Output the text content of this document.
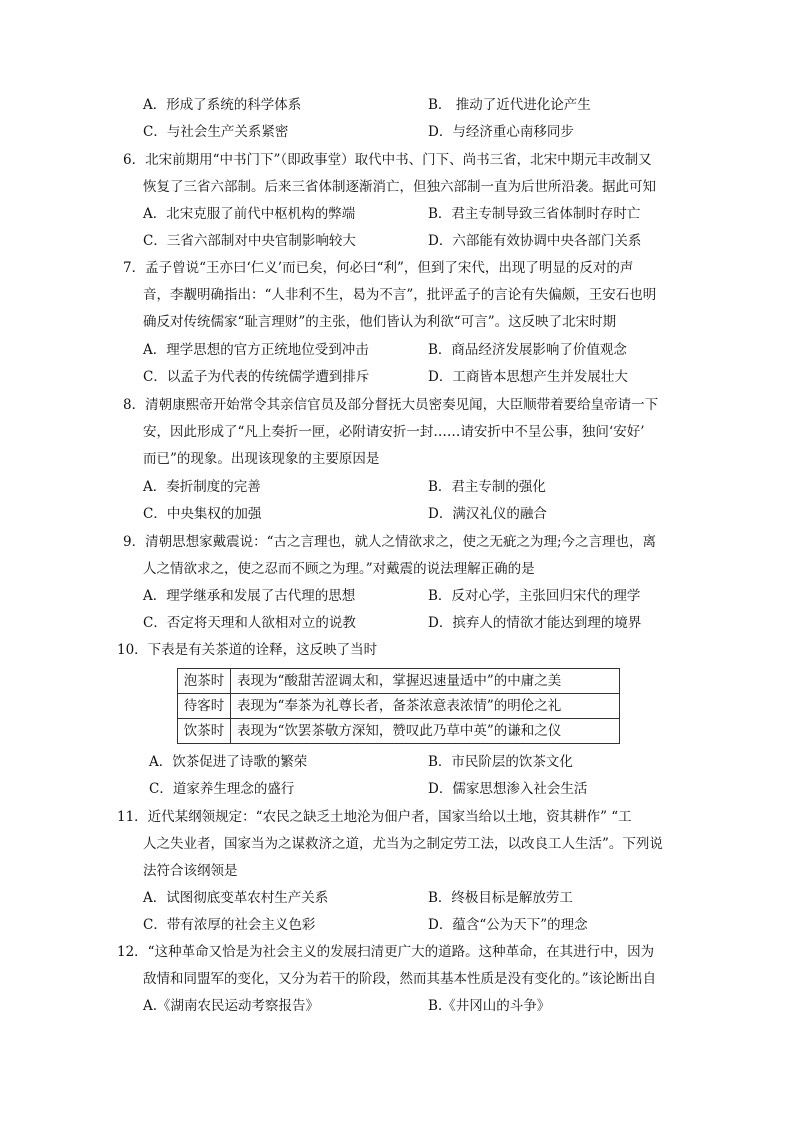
A．形成了系统的科学体系	B． 推动了近代进化论产生
C．与社会生产关系紧密	D．与经济重心南移同步
6．北宋前期用“中书门下”（即政事堂）取代中书、门下、尚书三省，北宋中期元丰改制又
恢复了三省六部制。后来三省体制逐渐消亡，但独六部制一直为后世所沿袭。据此可知
A．北宋克服了前代中枢机构的弊端	B．君主专制导致三省体制时存时亡
C．三省六部制对中央官制影响较大	D．六部能有效协调中央各部门关系
7．孟子曾说“王亦曰‘仁义’而已矣，何必曰“利”，但到了宋代，出现了明显的反对的声
音，李觏明确指出：“人非利不生，曷为不言”，批评孟子的言论有失偏颇，王安石也明
确反对传统儒家“耻言理财”的主张，他们皆认为利欲“可言”。这反映了北宋时期
A．理学思想的官方正统地位受到冲击	B．商品经济发展影响了价值观念
C．以孟子为代表的传统儒学遭到排斥	D．工商皆本思想产生并发展壮大
8．清朝康熙帝开始常令其亲信官员及部分督抚大员密奏见闻，大臣顺带着要给皇帝请一下
安，因此形成了“凡上奏折一匣，必附请安折一封……请安折中不呈公事，独问‘安好’
而已”的现象。出现该现象的主要原因是
A．奏折制度的完善	B．君主专制的强化
C．中央集权的加强	D．满汉礼仪的融合
9．清朝思想家戴震说：“古之言理也，就人之情欲求之，使之无疵之为理;今之言理也，离
人之情欲求之，使之忍而不顾之为理。”对戴震的说法理解正确的是
A．理学继承和发展了古代理的思想	B．反对心学，主张回归宋代的理学
C．否定将天理和人欲相对立的说教	D．摈弃人的情欲才能达到理的境界
10．下表是有关茶道的诠释，这反映了当时
泡茶时	表现为“酸甜苦涩调太和，掌握迟速量适中”的中庸之美
待客时	表现为“奉茶为礼尊长者，备茶浓意表浓情”的明伦之礼
饮茶时	表现为“饮罢茶敬方深知，赞叹此乃草中英”的谦和之仪
A．饮茶促进了诗歌的繁荣	B．市民阶层的饮茶文化
C．道家养生理念的盛行	D．儒家思想渗入社会生活
11．近代某纲领规定：“农民之缺乏土地沦为佃户者，国家当给以土地，资其耕作” “工
人之失业者，国家当为之谋救济之道，尤当为之制定劳工法，以改良工人生活”。下列说
法符合该纲领是
A．试图彻底变革农村生产关系	B．终极目标是解放劳工
C．带有浓厚的社会主义色彩	D．蕴含“公为天下”的理念
12．“这种革命又恰是为社会主义的发展扫清更广大的道路。这种革命，在其进行中，因为
敌情和同盟军的变化，又分为若干的阶段，然而其基本性质是没有变化的。”该论断出自
A.《湖南农民运动考察报告》	B.《井冈山的斗争》
